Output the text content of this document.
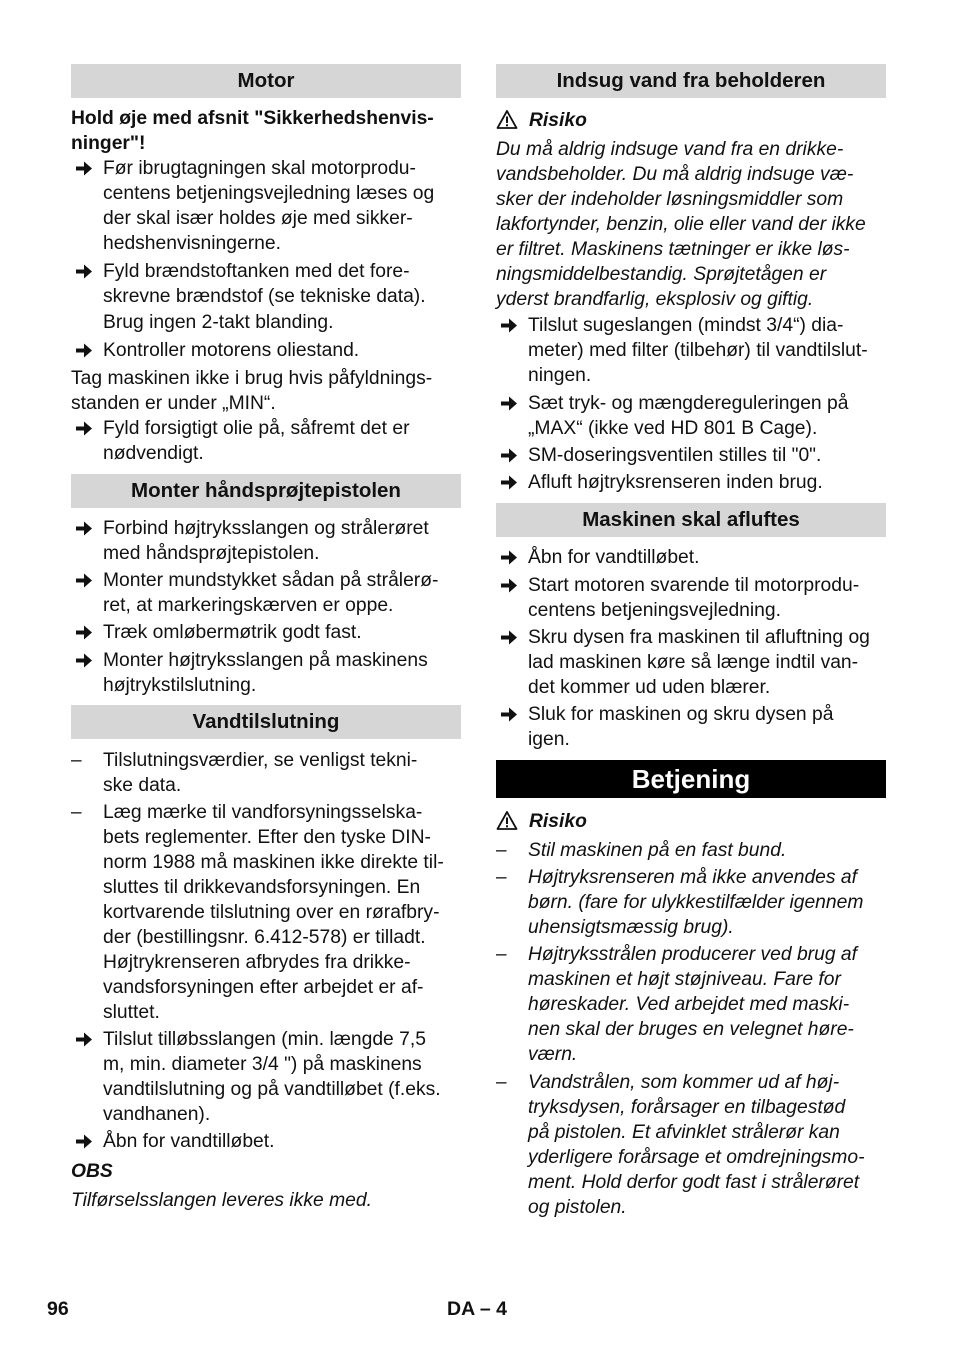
Motor
Hold øje med afsnit "Sikkerhedshenvis-
ninger"!
Før ibrugtagningen skal motorprodu-
centens betjeningsvejledning læses og
der skal især holdes øje med sikker-
hedshenvisningerne.
Fyld brændstoftanken med det fore-
skrevne brændstof (se tekniske data).
Brug ingen 2-takt blanding.
Kontroller motorens oliestand.
Tag maskinen ikke i brug hvis påfyldnings-
standen er under „MIN“.
Fyld forsigtigt olie på, såfremt det er
nødvendigt.
Monter håndsprøjtepistolen
Forbind højtryksslangen og strålerøret
med håndsprøjtepistolen.
Monter mundstykket sådan på strålerø-
ret, at markeringskærven er oppe.
Træk omløbermøtrik godt fast.
Monter højtryksslangen på maskinens
højtrykstilslutning.
Vandtilslutning
– Tilslutningsværdier, se venligst tekni-
ske data.
– Læg mærke til vandforsyningsselska-
bets reglementer. Efter den tyske DIN-
norm 1988 må maskinen ikke direkte til-
sluttes til drikkevandsforsyningen. En
kortvarende tilslutning over en rørafbry-
der (bestillingsnr. 6.412-578) er tilladt.
Højtrykrenseren afbrydes fra drikke-
vandsforsyningen efter arbejdet er af-
sluttet.
Tilslut tilløbsslangen (min. længde 7,5
m, min. diameter 3/4 ") på maskinens
vandtilslutning og på vandtilløbet (f.eks.
vandhanen).
Åbn for vandtilløbet.
OBS
Tilførselsslangen leveres ikke med.
Indsug vand fra beholderen
Risiko
Du må aldrig indsuge vand fra en drikke-
vandsbeholder. Du må aldrig indsuge væ-
sker der indeholder løsningsmiddler som
lakfortynder, benzin, olie eller vand der ikke
er filtret. Maskinens tætninger er ikke løs-
ningsmiddelbestandig. Sprøjtetågen er
yderst brandfarlig, eksplosiv og giftig.
Tilslut sugeslangen (mindst 3/4“) dia-
meter) med filter (tilbehør) til vandtilslut-
ningen.
Sæt tryk- og mængdereguleringen på
„MAX“ (ikke ved HD 801 B Cage).
SM-doseringsventilen stilles til "0".
Afluft højtryksrenseren inden brug.
Maskinen skal afluftes
Åbn for vandtilløbet.
Start motoren svarende til motorprodu-
centens betjeningsvejledning.
Skru dysen fra maskinen til afluftning og
lad maskinen køre så længe indtil van-
det kommer ud uden blærer.
Sluk for maskinen og skru dysen på
igen.
Betjening
Risiko
– Stil maskinen på en fast bund.
– Højtryksrenseren må ikke anvendes af
børn. (fare for ulykkestilfælder igennem
uhensigtsmæssig brug).
– Højtryksstrålen producerer ved brug af
maskinen et højt støjniveau. Fare for
høreskader. Ved arbejdet med maski-
nen skal der bruges en velegnet høre-
værn.
– Vandstrålen, som kommer ud af høj-
tryksdysen, forårsager en tilbagestød
på pistolen. Et afvinklet strålerør kan
yderligere forårsage et omdrejningsmo-
ment. Hold derfor godt fast i strålerøret
og pistolen.
96	DA – 4
